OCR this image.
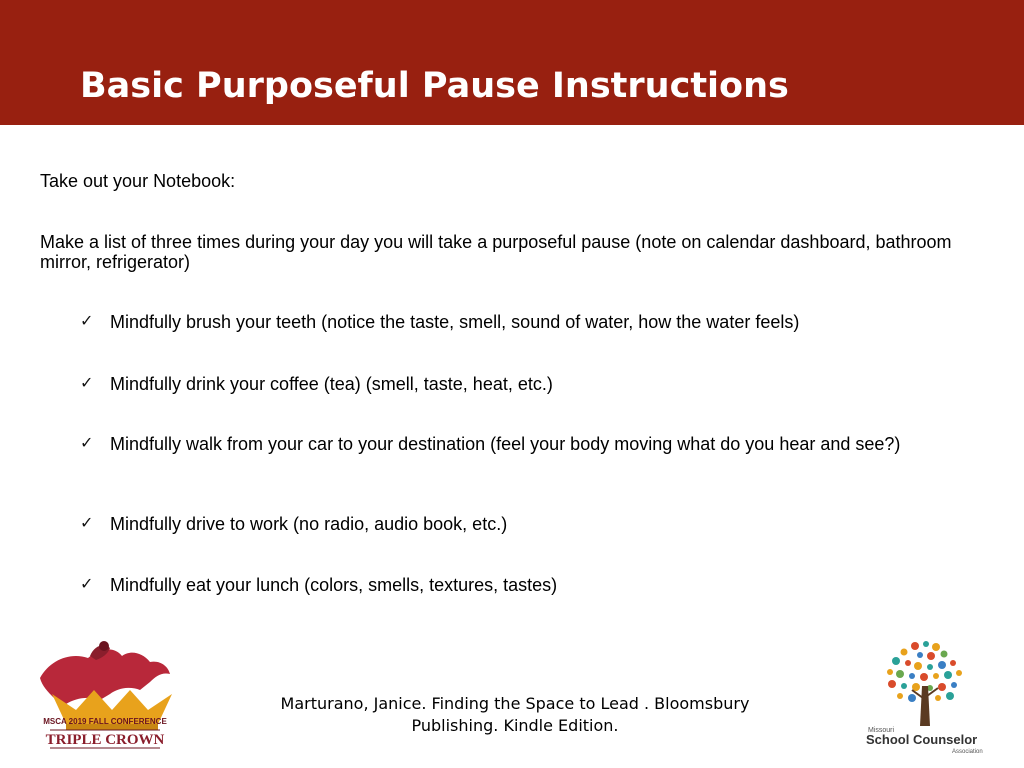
Basic Purposeful Pause Instructions
Take out your Notebook:
Make a list of three times during your day you will take a purposeful pause (note on calendar dashboard, bathroom mirror, refrigerator)
✓ Mindfully brush your teeth (notice the taste, smell, sound of water, how the water feels)
✓ Mindfully drink your coffee (tea) (smell, taste, heat, etc.)
✓ Mindfully walk from your car to your destination (feel your body moving what do you hear and see?)
✓ Mindfully drive to work (no radio, audio book, etc.)
✓ Mindfully eat your lunch (colors, smells, textures, tastes)
Marturano, Janice. Finding the Space to Lead . Bloomsbury
Publishing. Kindle Edition.
MSCA 2019 FALL CONFERENCE
TRIPLE CROWN
Missouri
School Counselor
Association
